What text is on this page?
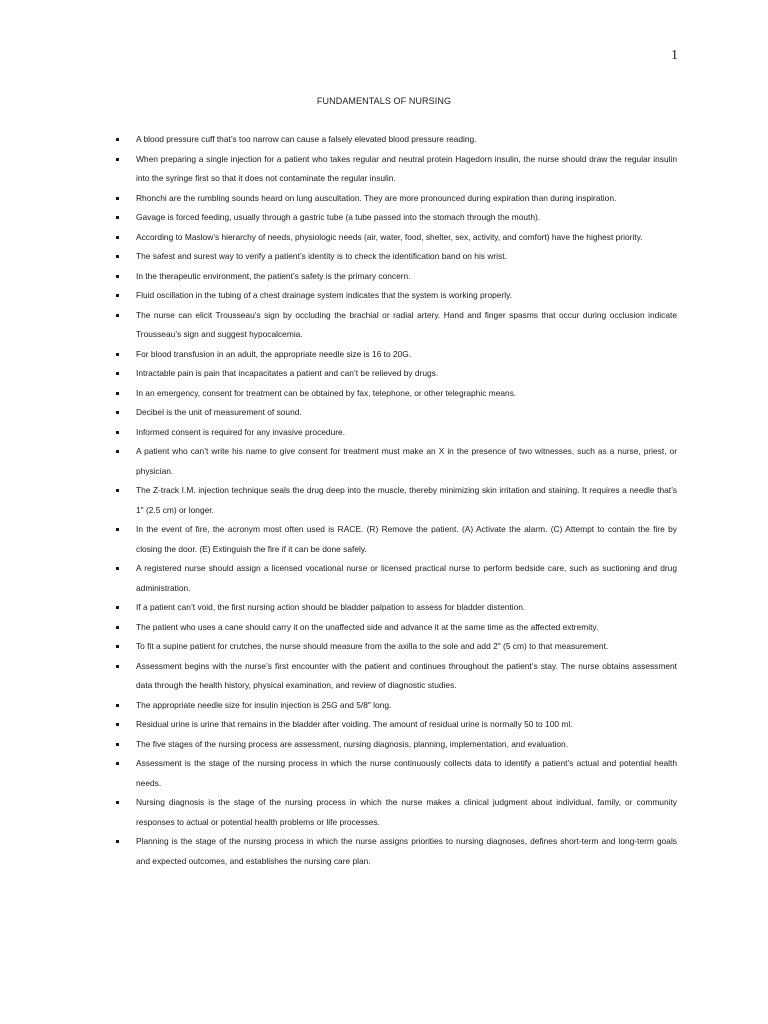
1
FUNDAMENTALS OF NURSING
A blood pressure cuff that’s too narrow can cause a falsely elevated blood pressure reading.
When preparing a single injection for a patient who takes regular and neutral protein Hagedorn insulin, the nurse should draw the regular insulin into the syringe first so that it does not contaminate the regular insulin.
Rhonchi are the rumbling sounds heard on lung auscultation. They are more pronounced during expiration than during inspiration.
Gavage is forced feeding, usually through a gastric tube (a tube passed into the stomach through the mouth).
According to Maslow’s hierarchy of needs, physiologic needs (air, water, food, shelter, sex, activity, and comfort) have the highest priority.
The safest and surest way to verify a patient’s identity is to check the identification band on his wrist.
In the therapeutic environment, the patient’s safety is the primary concern.
Fluid oscillation in the tubing of a chest drainage system indicates that the system is working properly.
The nurse can elicit Trousseau’s sign by occluding the brachial or radial artery. Hand and finger spasms that occur during occlusion indicate Trousseau’s sign and suggest hypocalcemia.
For blood transfusion in an adult, the appropriate needle size is 16 to 20G.
Intractable pain is pain that incapacitates a patient and can’t be relieved by drugs.
In an emergency, consent for treatment can be obtained by fax, telephone, or other telegraphic means.
Decibel is the unit of measurement of sound.
Informed consent is required for any invasive procedure.
A patient who can’t write his name to give consent for treatment must make an X in the presence of two witnesses, such as a nurse, priest, or physician.
The Z-track I.M. injection technique seals the drug deep into the muscle, thereby minimizing skin irritation and staining. It requires a needle that’s 1" (2.5 cm) or longer.
In the event of fire, the acronym most often used is RACE. (R) Remove the patient. (A) Activate the alarm. (C) Attempt to contain the fire by closing the door. (E) Extinguish the fire if it can be done safely.
A registered nurse should assign a licensed vocational nurse or licensed practical nurse to perform bedside care, such as suctioning and drug administration.
If a patient can’t void, the first nursing action should be bladder palpation to assess for bladder distention.
The patient who uses a cane should carry it on the unaffected side and advance it at the same time as the affected extremity.
To fit a supine patient for crutches, the nurse should measure from the axilla to the sole and add 2" (5 cm) to that measurement.
Assessment begins with the nurse’s first encounter with the patient and continues throughout the patient’s stay. The nurse obtains assessment data through the health history, physical examination, and review of diagnostic studies.
The appropriate needle size for insulin injection is 25G and 5/8" long.
Residual urine is urine that remains in the bladder after voiding. The amount of residual urine is normally 50 to 100 ml.
The five stages of the nursing process are assessment, nursing diagnosis, planning, implementation, and evaluation.
Assessment is the stage of the nursing process in which the nurse continuously collects data to identify a patient’s actual and potential health needs.
Nursing diagnosis is the stage of the nursing process in which the nurse makes a clinical judgment about individual, family, or community responses to actual or potential health problems or life processes.
Planning is the stage of the nursing process in which the nurse assigns priorities to nursing diagnoses, defines short-term and long-term goals and expected outcomes, and establishes the nursing care plan.
